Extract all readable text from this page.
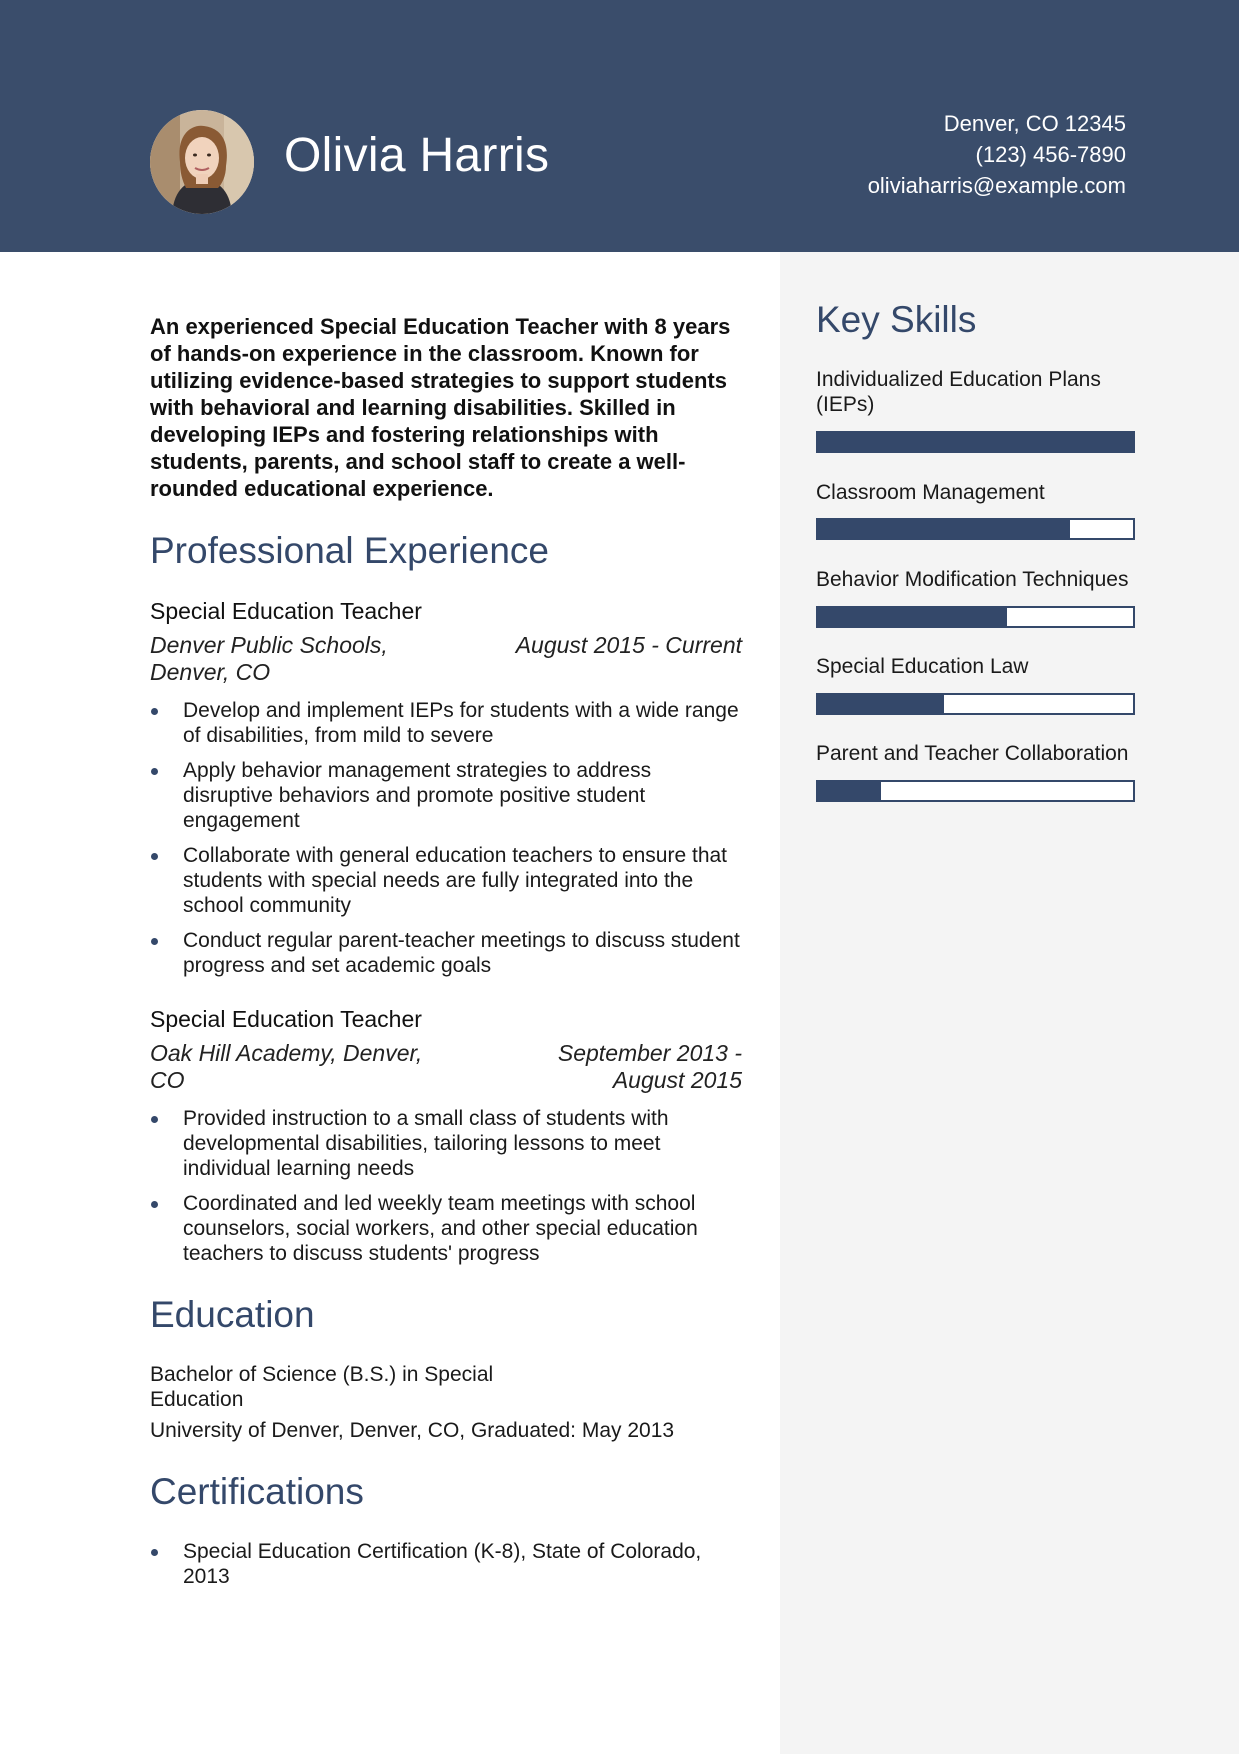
Olivia Harris
Denver, CO 12345
(123) 456-7890
oliviaharris@example.com
Key Skills
Individualized Education Plans (IEPs)
Classroom Management
Behavior Modification Techniques
Special Education Law
Parent and Teacher Collaboration
An experienced Special Education Teacher with 8 years of hands-on experience in the classroom. Known for utilizing evidence-based strategies to support students with behavioral and learning disabilities. Skilled in developing IEPs and fostering relationships with students, parents, and school staff to create a well-rounded educational experience.
Professional Experience
Special Education Teacher
Denver Public Schools, Denver, CO
August 2015 - Current
Develop and implement IEPs for students with a wide range of disabilities, from mild to severe
Apply behavior management strategies to address disruptive behaviors and promote positive student engagement
Collaborate with general education teachers to ensure that students with special needs are fully integrated into the school community
Conduct regular parent-teacher meetings to discuss student progress and set academic goals
Special Education Teacher
Oak Hill Academy, Denver, CO
September 2013 - August 2015
Provided instruction to a small class of students with developmental disabilities, tailoring lessons to meet individual learning needs
Coordinated and led weekly team meetings with school counselors, social workers, and other special education teachers to discuss students' progress
Education
Bachelor of Science (B.S.) in Special Education
University of Denver, Denver, CO, Graduated: May 2013
Certifications
Special Education Certification (K-8), State of Colorado, 2013
